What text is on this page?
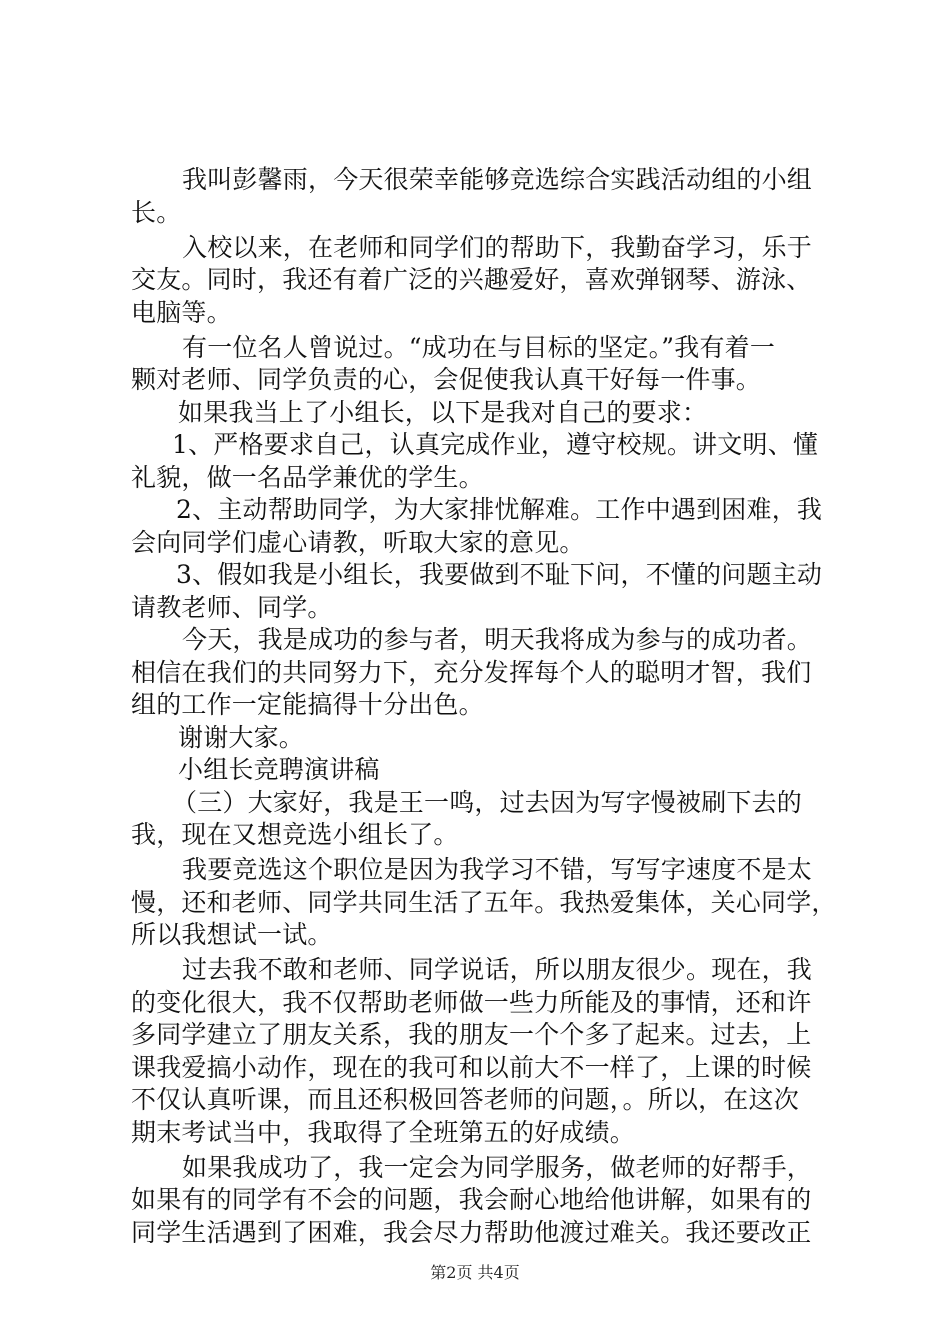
我叫彭馨雨，今天很荣幸能够竞选综合实践活动组的小组
长。
入校以来，在老师和同学们的帮助下，我勤奋学习，乐于
交友。同时，我还有着广泛的兴趣爱好，喜欢弹钢琴、游泳、
电脑等。
有一位名人曾说过。“成功在与目标的坚定。”我有着一
颗对老师、同学负责的心，会促使我认真干好每一件事。
如果我当上了小组长，以下是我对自己的要求：
1、严格要求自己，认真完成作业，遵守校规。讲文明、懂
礼貌，做一名品学兼优的学生。
2、主动帮助同学，为大家排忧解难。工作中遇到困难，我
会向同学们虚心请教，听取大家的意见。
3、假如我是小组长，我要做到不耻下问，不懂的问题主动
请教老师、同学。
今天，我是成功的参与者，明天我将成为参与的成功者。
相信在我们的共同努力下，充分发挥每个人的聪明才智，我们
组的工作一定能搞得十分出色。
谢谢大家。
小组长竞聘演讲稿
（三）大家好，我是王一鸣，过去因为写字慢被刷下去的
我，现在又想竞选小组长了。
我要竞选这个职位是因为我学习不错，写写字速度不是太
慢，还和老师、同学共同生活了五年。我热爱集体，关心同学，
所以我想试一试。
过去我不敢和老师、同学说话，所以朋友很少。现在，我
的变化很大，我不仅帮助老师做一些力所能及的事情，还和许
多同学建立了朋友关系，我的朋友一个个多了起来。过去，上
课我爱搞小动作，现在的我可和以前大不一样了，上课的时候
不仅认真听课，而且还积极回答老师的问题，。所以，在这次
期末考试当中，我取得了全班第五的好成绩。
如果我成功了，我一定会为同学服务，做老师的好帮手，
如果有的同学有不会的问题，我会耐心地给他讲解，如果有的
同学生活遇到了困难，我会尽力帮助他渡过难关。我还要改正
第2页 共4页
